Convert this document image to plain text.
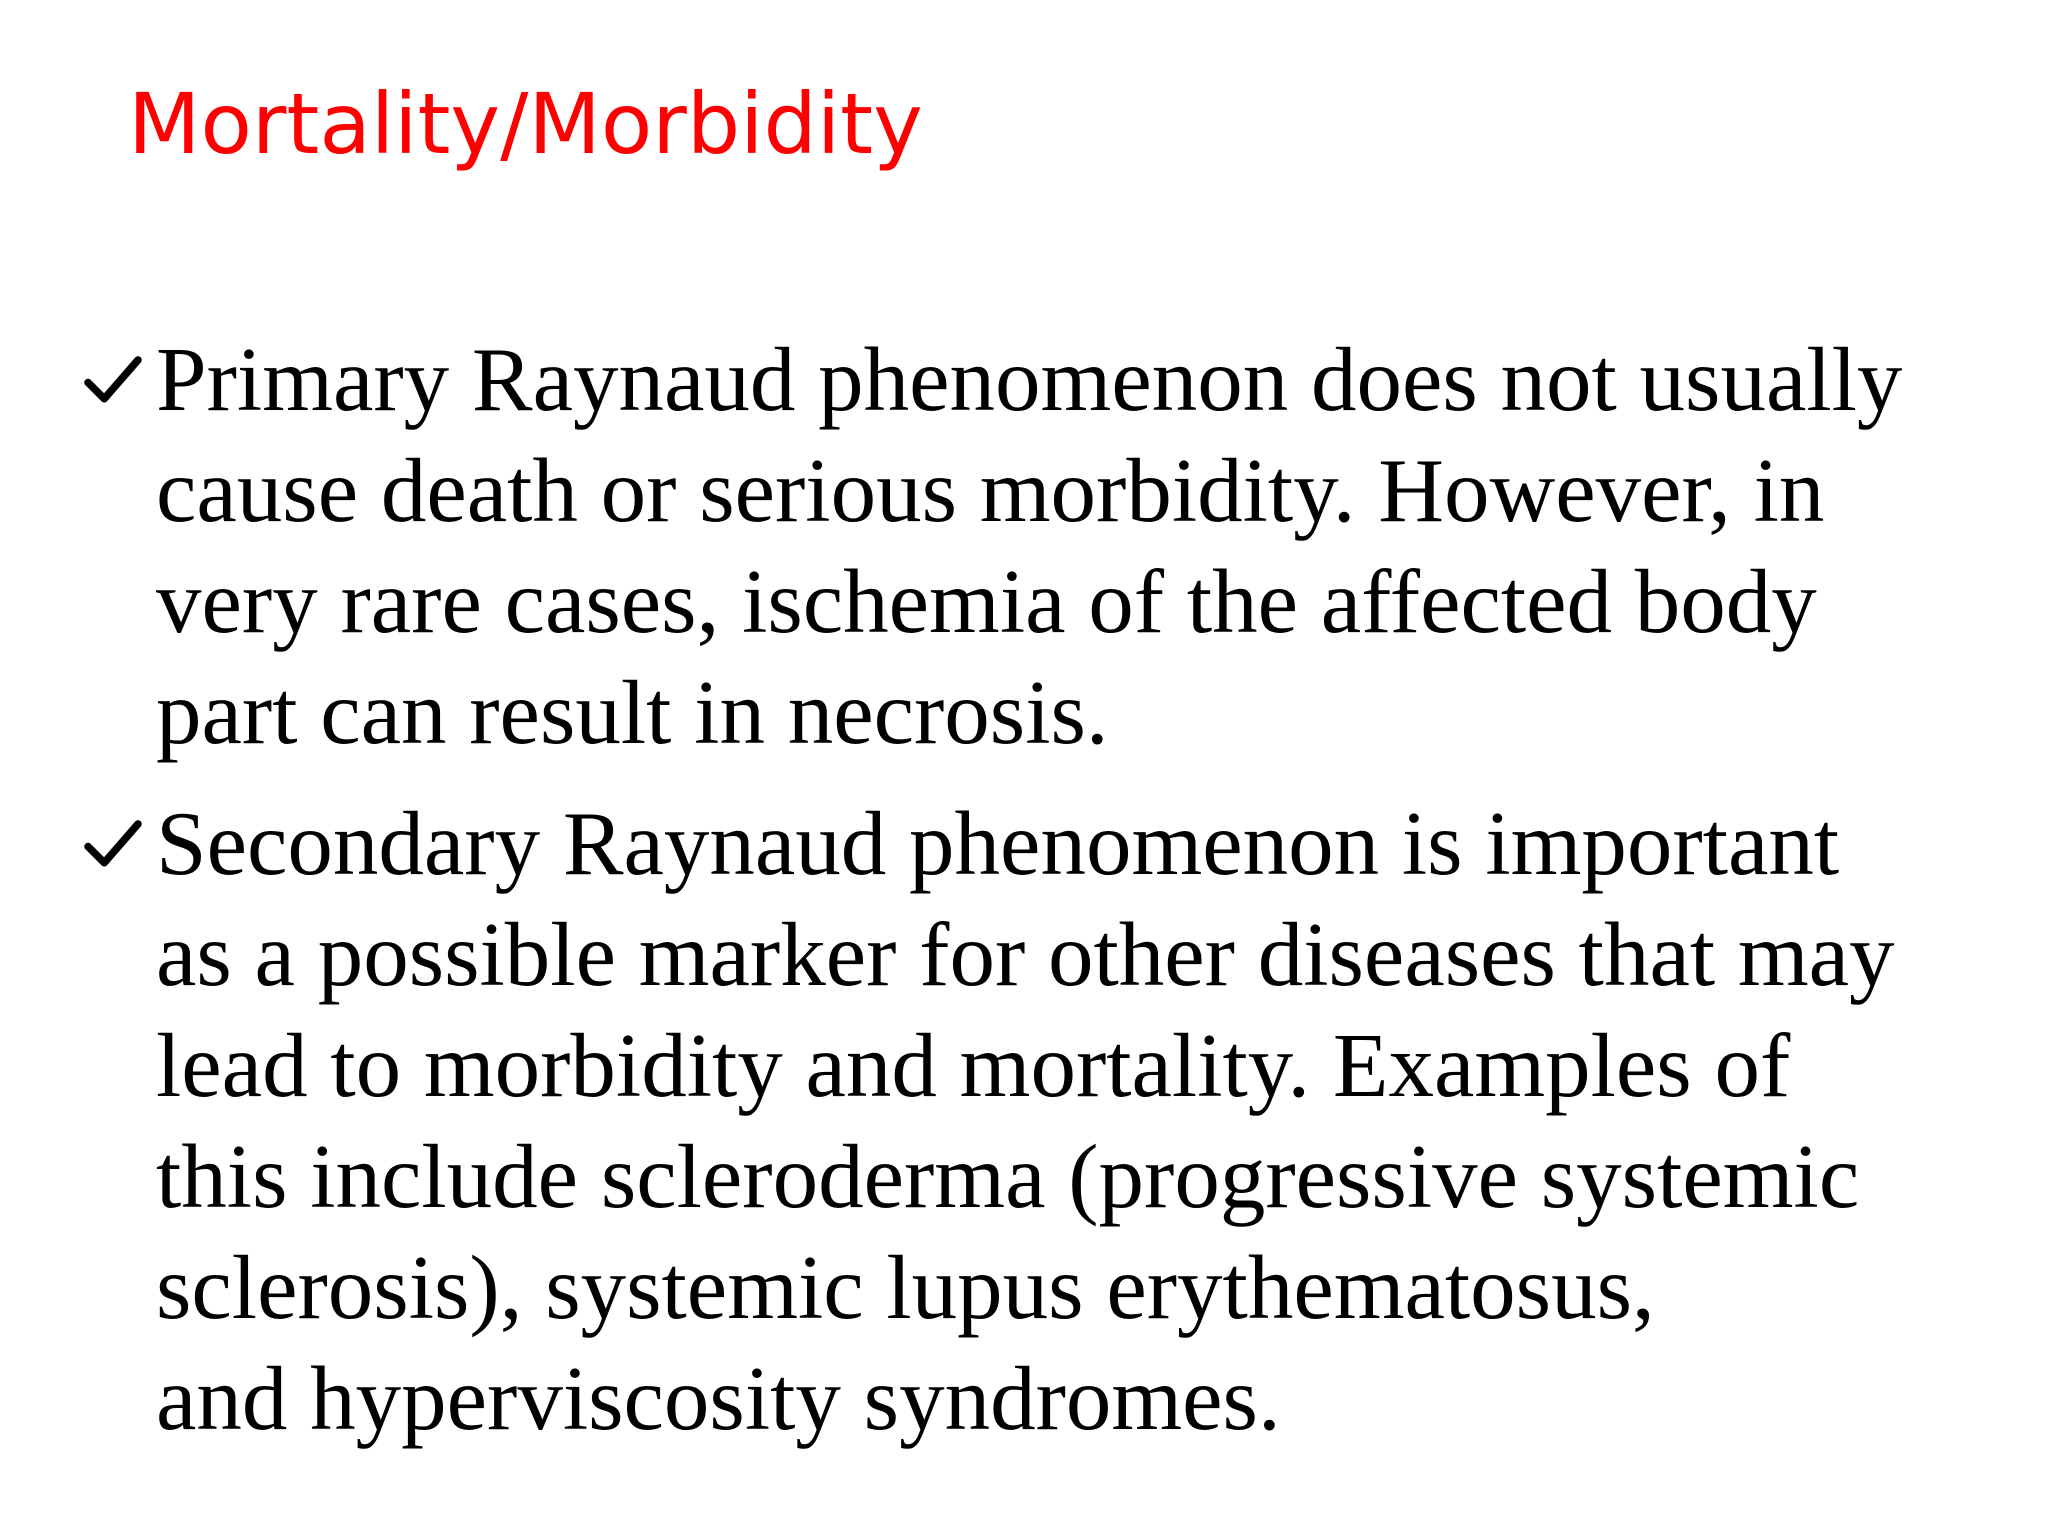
Mortality/Morbidity
Primary Raynaud phenomenon does not usually
cause death or serious morbidity. However, in
very rare cases, ischemia of the affected body
part can result in necrosis.
Secondary Raynaud phenomenon is important
as a possible marker for other diseases that may
lead to morbidity and mortality. Examples of
this include scleroderma (progressive systemic
sclerosis), systemic lupus erythematosus,
and hyperviscosity syndromes.
